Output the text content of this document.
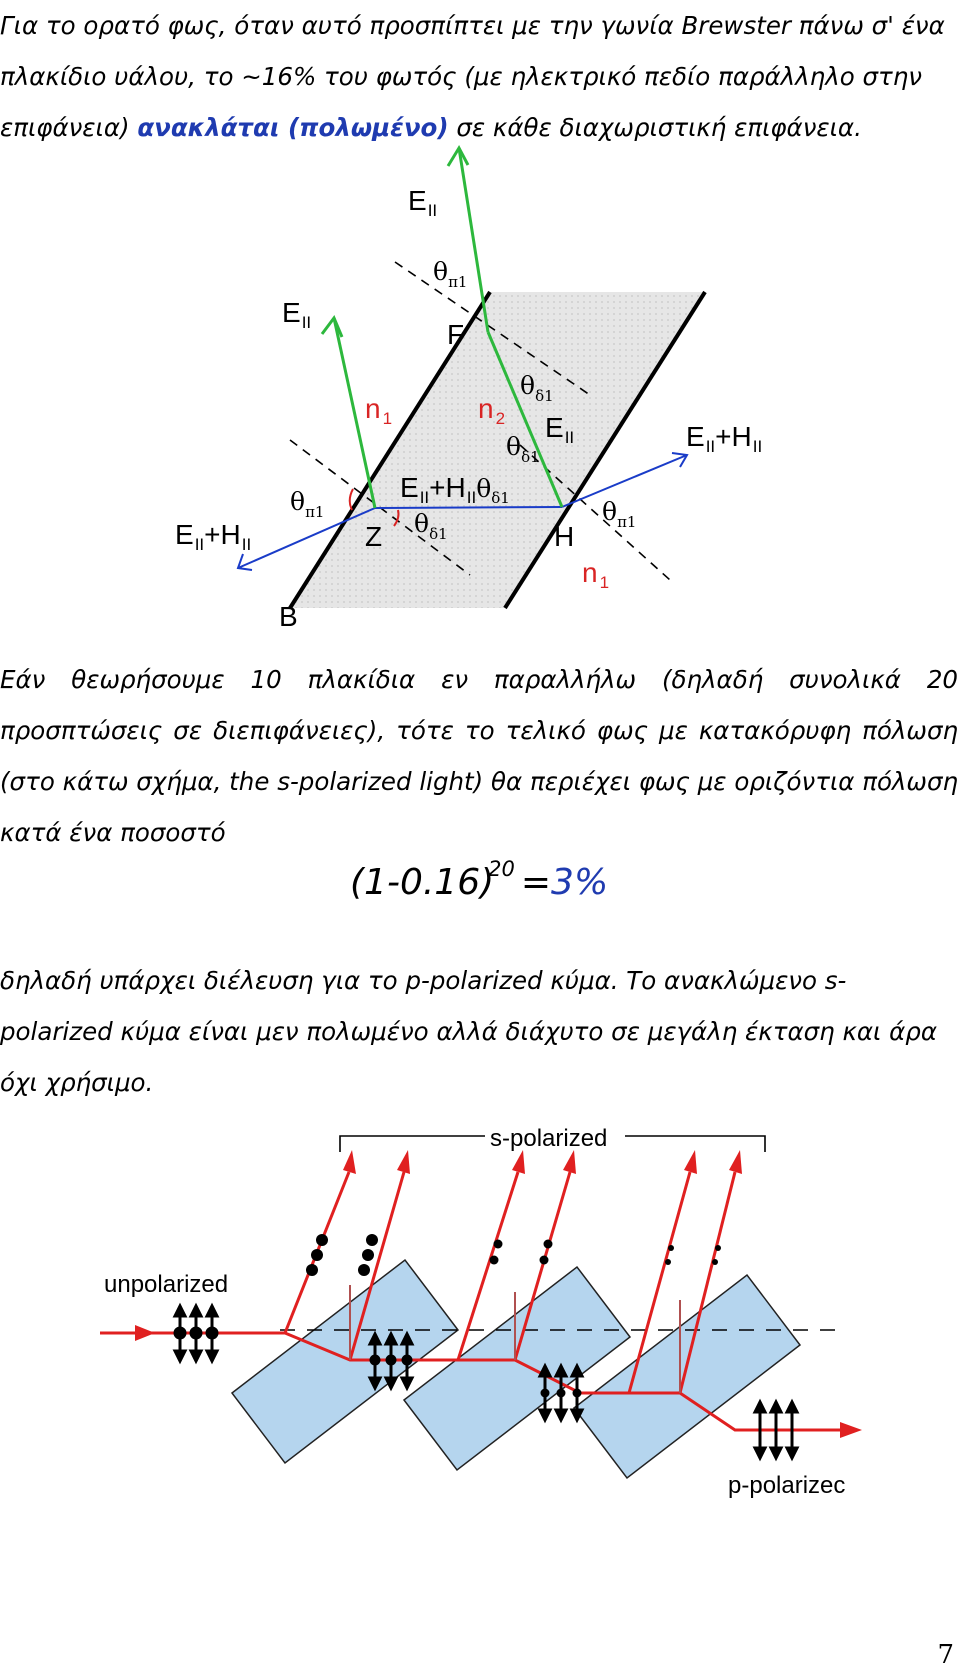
Για το ορατό φως, όταν αυτό προσπίπτει με την γωνία Brewster πάνω σ' ένα πλακίδιο υάλου, το ~16% του φωτός (με ηλεκτρικό πεδίο παράλληλο στην επιφάνεια) ανακλάται (πολωμένο) σε κάθε διαχωριστική επιφάνεια.

EII
EII
EII
EII+HII
EII+HII
EII+HIIθδ1
θπ1
θπ1	θπ1
θδ1
θδ1
θδ1
n 1	n 2
n 1
F
Z	H
B

Εάν θεωρήσουμε 10 πλακίδια εν παραλλήλω (δηλαδή συνολικά 20 προσπτώσεις σε διεπιφάνειες), τότε το τελικό φως με κατακόρυφη πόλωση (στο κάτω σχήμα, the s-polarized light) θα περιέχει φως με οριζόντια πόλωση κατά ένα ποσοστό

$(1-0.16)^{20} =3\%$

δηλαδή υπάρχει διέλευση για το p-polarized κύμα. Το ανακλώμενο s-polarized κύμα είναι μεν πολωμένο αλλά διάχυτο σε μεγάλη έκταση και άρα όχι χρήσιμο.

s-polarized
unpolarized
p-polarizec
7
